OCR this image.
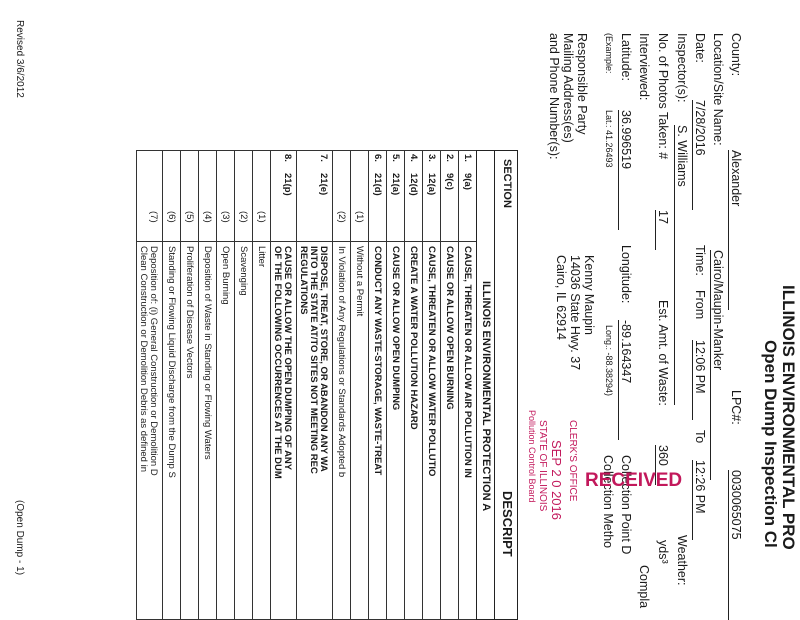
ILLINOIS ENVIRONMENTAL PRO
Open Dump Inspection Cl
County:
Alexander
LPC#:
0030065075
Location/Site Name:
Cairo/Maupin-Manker
Date:
7/28/2016
Time:
From
12:06 PM
To
12:26 PM
Inspector(s):
S. Williams
Weather:
No. of Photos Taken: #
17
Est. Amt. of Waste:
360
yds³
Interviewed:
Compla
Latitude:
36.996519
Longitude:
-89.164347
Collection Point D
(Example:
Lat.: 41.26493
Long.: -88.38294)
Collection Metho
Responsible Party
Mailing Address(es)
and Phone Number(s):
Kenny Maupin
14036 State Hwy. 37
Cairo, IL 62914
RECEIVED
CLERK'S OFFICE
SEP 2 0 2016
STATE OF ILLINOIS
Pollution Control Board
SECTION
DESCRIPT
ILLINOIS ENVIRONMENTAL PROTECTION A
1.
9(a)
CAUSE, THREATEN OR ALLOW AIR POLLUTION IN
2.
9(c)
CAUSE OR ALLOW OPEN BURNING
3.
12(a)
CAUSE, THREATEN OR ALLOW WATER POLLUTIO
4.
12(d)
CREATE A WATER POLLUTION HAZARD
5.
21(a)
CAUSE OR ALLOW OPEN DUMPING
6.
21(d)
CONDUCT ANY WASTE-STORAGE, WASTE-TREAT
(1)
Without a Permit
(2)
In Violation of Any Regulations or Standards Adopted b
7.
21(e)
DISPOSE, TREAT, STORE, OR ABANDON ANY WA
INTO THE STATE AT/TO SITES NOT MEETING REC
REGULATIONS
8.
21(p)
CAUSE OR ALLOW THE OPEN DUMPING OF ANY
OF THE FOLLOWING OCCURRENCES AT THE DUM
(1)
Litter
(2)
Scavenging
(3)
Open Burning
(4)
Deposition of Waste in Standing or Flowing Waters
(5)
Proliferation of Disease Vectors
(6)
Standing or Flowing Liquid Discharge from the Dump S
(7)
Deposition of: (i) General Construction or Demolition D
Clean Construction or Demolition Debris as defined in
Revised 3/6/2012
(Open Dump - 1)
